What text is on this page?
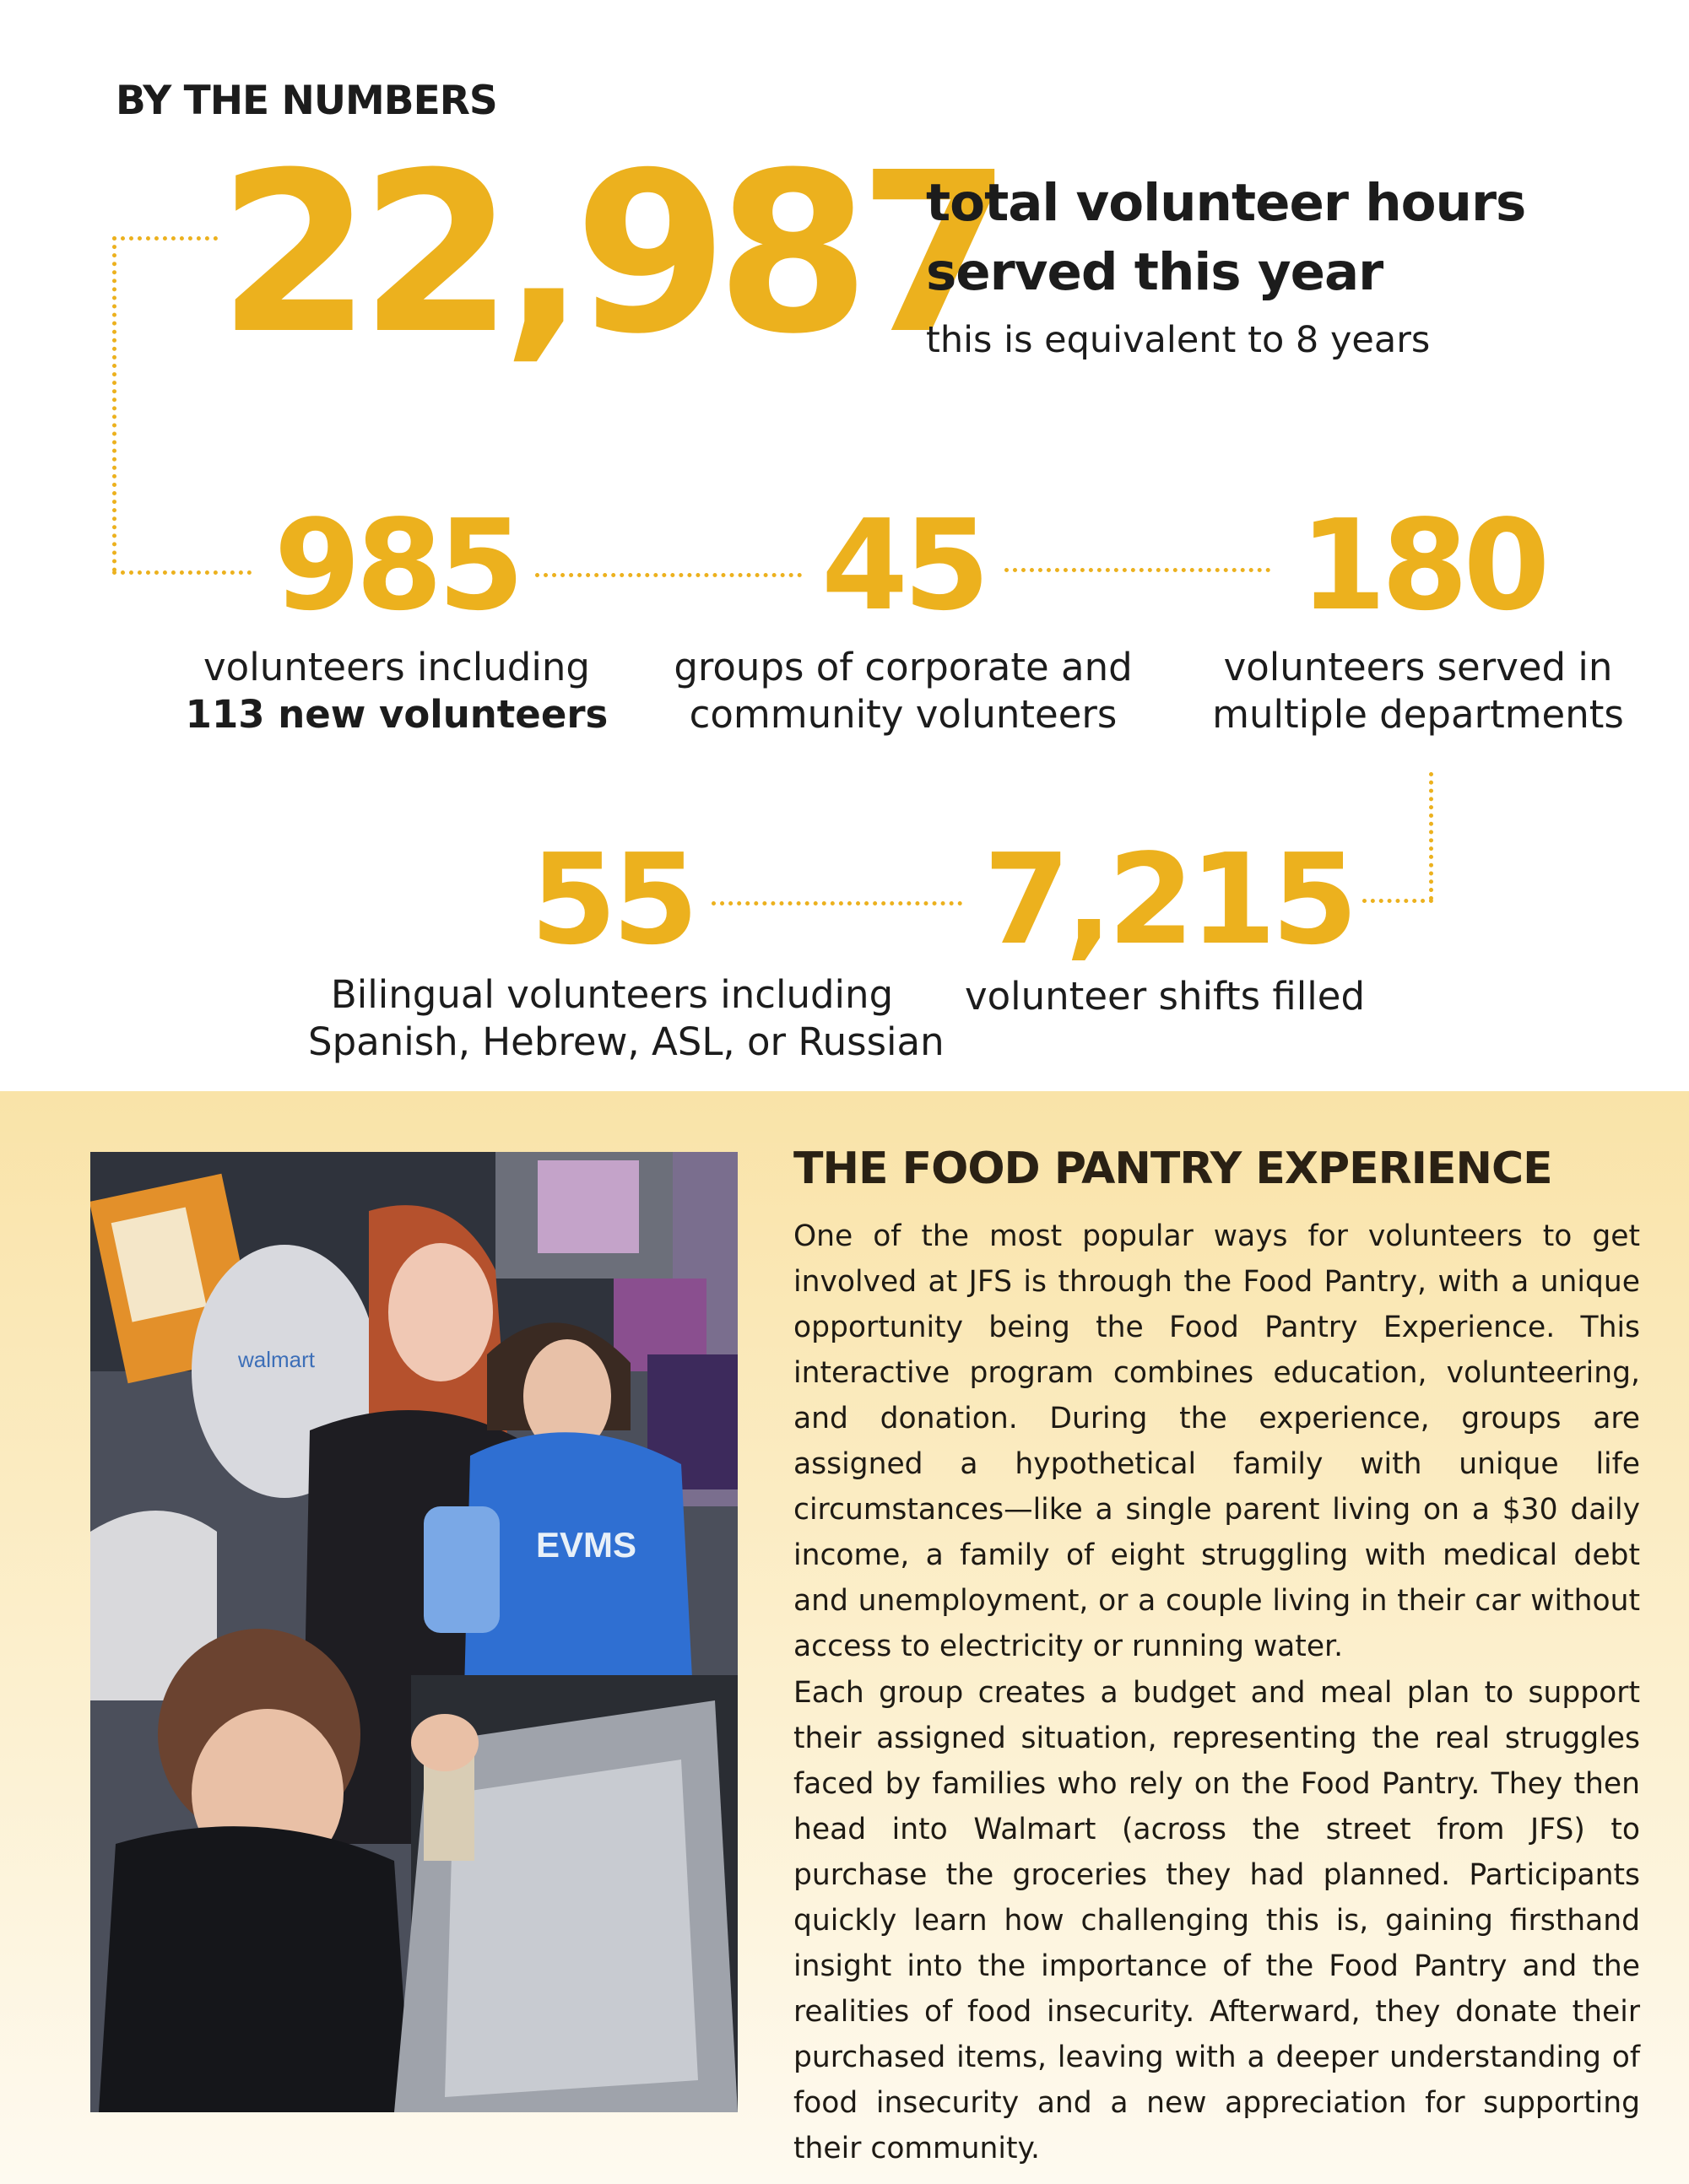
BY THE NUMBERS
22,987
total volunteer hours
served this year
this is equivalent to 8 years
985
volunteers including
113 new volunteers
45
groups of corporate and
community volunteers
180
volunteers served in
multiple departments
55
Bilingual volunteers including
Spanish, Hebrew, ASL, or Russian
7,215
volunteer shifts filled
walmart
EVMS
THE FOOD PANTRY EXPERIENCE
One of the most popular ways for volunteers to get involved at JFS is through the Food Pantry, with a unique opportunity being the Food Pantry Experience. This interactive program combines education, volunteering, and donation. During the experience, groups are assigned a hypothetical family with unique life circumstances—like a single parent living on a $30 daily income, a family of eight struggling with medical debt and unemployment, or a couple living in their car without access to electricity or running water.
Each group creates a budget and meal plan to support their assigned situation, representing the real struggles faced by families who rely on the Food Pantry. They then head into Walmart (across the street from JFS) to purchase the groceries they had planned. Participants quickly learn how challenging this is, gaining firsthand insight into the importance of the Food Pantry and the realities of food insecurity. Afterward, they donate their purchased items, leaving with a deeper understanding of food insecurity and a new appreciation for supporting their community.
